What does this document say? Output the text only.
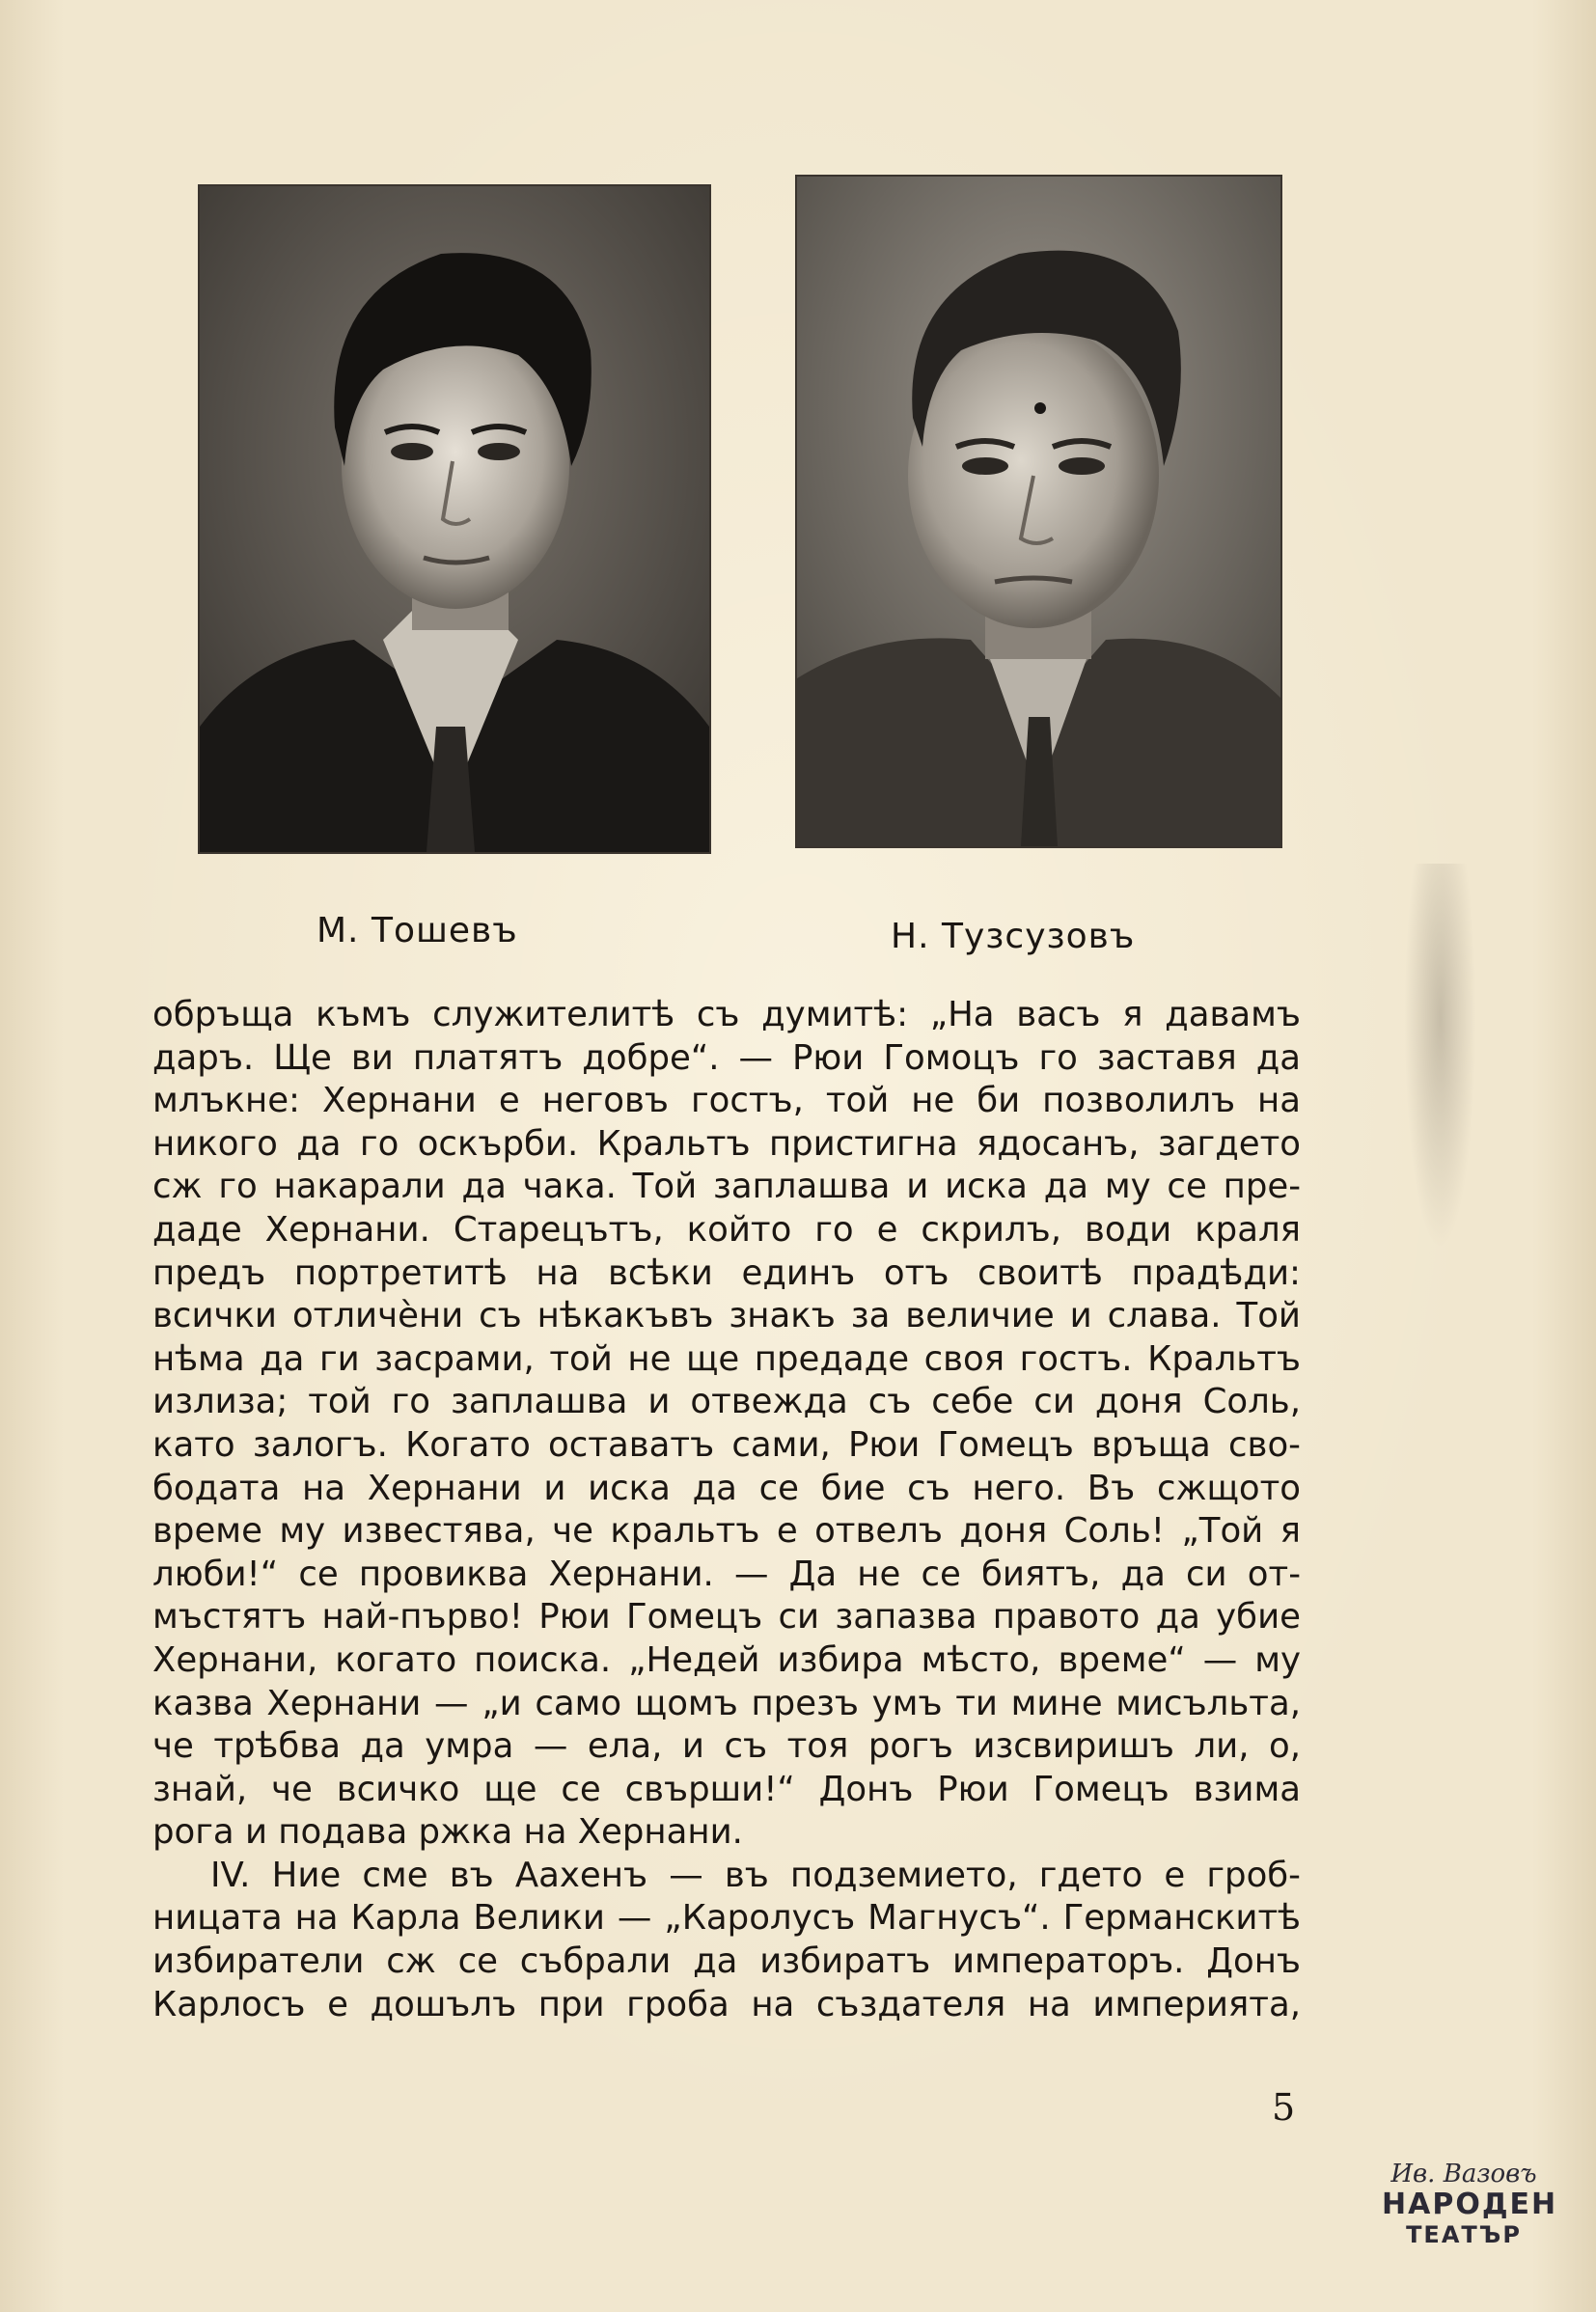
М. Тошевъ	Н. Тузсузовъ
обръща къмъ служителитѣ съ думитѣ: „На васъ я давамъ
даръ. Ще ви платятъ добре“. — Рюи Гомоцъ го заставя да
млъкне: Хернани е неговъ гостъ, той не би позволилъ на
никого да го оскърби. Кральтъ пристигна ядосанъ, загдето
сж го накарали да чака. Той заплашва и иска да му се пре-
даде Хернани. Старецътъ, който го е скрилъ, води краля
предъ портретитѣ на всѣки единъ отъ своитѣ прадѣди:
всички отличѐни съ нѣкакъвъ знакъ за величие и слава. Той
нѣма да ги засрами, той не ще предаде своя гостъ. Кральтъ
излиза; той го заплашва и отвежда съ себе си доня Соль,
като залогъ. Когато оставатъ сами, Рюи Гомецъ връща сво-
бодата на Хернани и иска да се бие съ него. Въ сжщото
време му известява, че кральтъ е отвелъ доня Соль! „Той я
люби!“ се провиква Хернани. — Да не се биятъ, да си от-
мъстятъ най-първо! Рюи Гомецъ си запазва правото да убие
Хернани, когато поиска. „Недей избира мѣсто, време“ — му
казва Хернани — „и само щомъ презъ умъ ти мине мисъльта,
че трѣбва да умра — ела, и съ тоя рогъ изсвиришъ ли, о,
знай, че всичко ще се свърши!“ Донъ Рюи Гомецъ взима
рога и подава ржка на Хернани.
IV. Ние сме въ Аахенъ — въ подземието, гдето е гроб-
ницата на Карла Велики — „Каролусъ Магнусъ“. Германскитѣ
избиратели сж се събрали да избиратъ императоръ. Донъ
Карлосъ е дошълъ при гроба на създателя на империята,
5
Ив. Вазовъ
НАРОДЕН
ТЕАТЪР
